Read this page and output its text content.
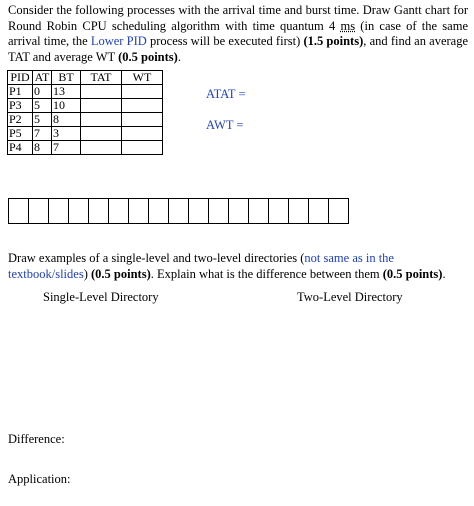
Consider the following processes with the arrival time and burst time. Draw Gantt chart for Round Robin CPU scheduling algorithm with time quantum 4 ms (in case of the same arrival time, the Lower PID process will be executed first) (1.5 points), and find an average TAT and average WT (0.5 points).

PID	AT	BT	TAT	WT
P1	0	13		
P3	5	10		
P2	5	8		
P5	7	3		
P4	8	7		
ATAT =
AWT =

Draw examples of a single-level and two-level directories (not same as in the textbook/slides) (0.5 points). Explain what is the difference between them (0.5 points).

Single-Level Directory	Two-Level Directory
Difference:
Application:
